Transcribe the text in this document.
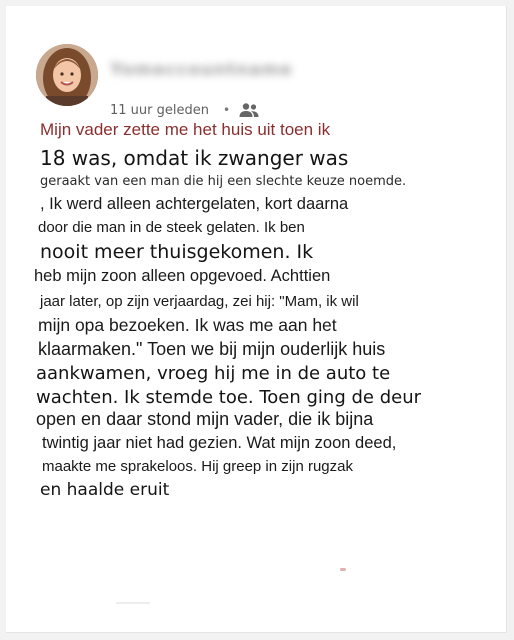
Yomeccountname
11 uur geleden •
Mijn vader zette me het huis uit toen ik
18 was, omdat ik zwanger was
geraakt van een man die hij een slechte keuze noemde.
, Ik werd alleen achtergelaten, kort daarna
door die man in de steek gelaten. Ik ben
nooit meer thuisgekomen. Ik
heb mijn zoon alleen opgevoed. Achttien
jaar later, op zijn verjaardag, zei hij: "Mam, ik wil
mijn opa bezoeken. Ik was me aan het
klaarmaken." Toen we bij mijn ouderlijk huis
aankwamen, vroeg hij me in de auto te
wachten. Ik stemde toe. Toen ging de deur
open en daar stond mijn vader, die ik bijna
twintig jaar niet had gezien. Wat mijn zoon deed,
maakte me sprakeloos. Hij greep in zijn rugzak
en haalde eruit
